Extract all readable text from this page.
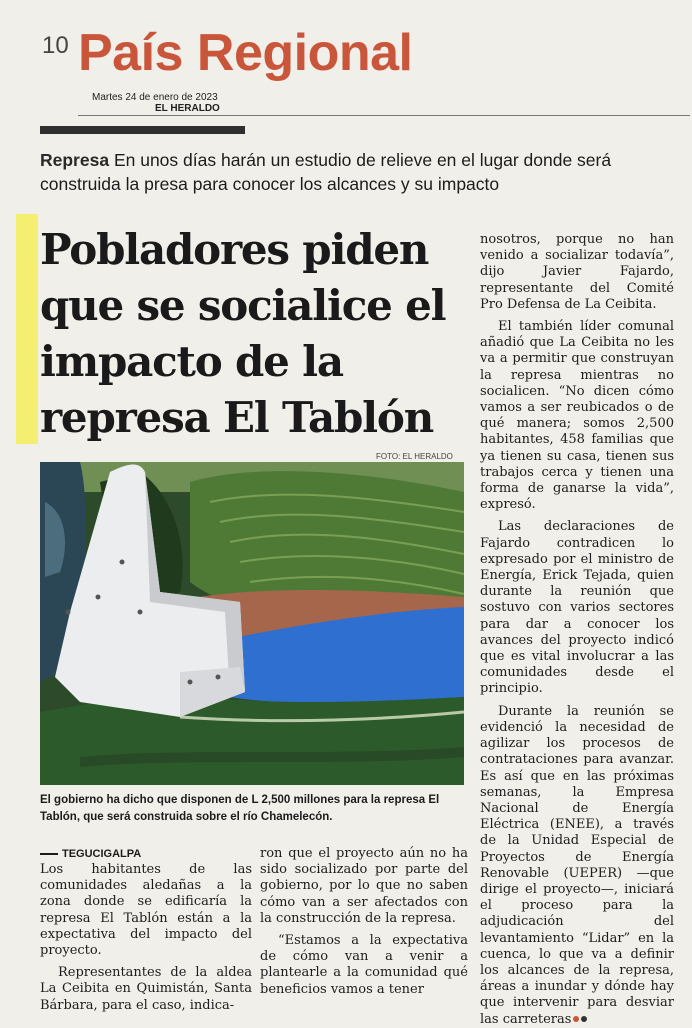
10 País Regional
Martes 24 de enero de 2023
EL HERALDO
Represa En unos días harán un estudio de relieve en el lugar donde será construida la presa para conocer los alcances y su impacto
Pobladores piden que se socialice el impacto de la represa El Tablón
FOTO: EL HERALDO
El gobierno ha dicho que disponen de L 2,500 millones para la represa El Tablón, que será construida sobre el río Chamelecón.
TEGUCIGALPA

Los habitantes de las comunidades aledañas a la zona donde se edificaría la represa El Tablón están a la expectativa del impacto del proyecto.

Representantes de la aldea La Ceibita en Quimistán, Santa Bárbara, para el caso, indica-

ron que el proyecto aún no ha sido socializado por parte del gobierno, por lo que no saben cómo van a ser afectados con la construcción de la represa.

“Estamos a la expectativa de cómo van a venir a plantearle a la comunidad qué beneficios vamos a tener

nosotros, porque no han venido a socializar todavía”, dijo Javier Fajardo, representante del Comité Pro Defensa de La Ceibita.

El también líder comunal añadió que La Ceibita no les va a permitir que construyan la represa mientras no socialicen. “No dicen cómo vamos a ser reubicados o de qué manera; somos 2,500 habitantes, 458 familias que ya tienen su casa, tienen sus trabajos cerca y tienen una forma de ganarse la vida”, expresó.

Las declaraciones de Fajardo contradicen lo expresado por el ministro de Energía, Erick Tejada, quien durante la reunión que sostuvo con varios sectores para dar a conocer los avances del proyecto indicó que es vital involucrar a las comunidades desde el principio.

Durante la reunión se evidenció la necesidad de agilizar los procesos de contrataciones para avanzar. Es así que en las próximas semanas, la Empresa Nacional de Energía Eléctrica (ENEE), a través de la Unidad Especial de Proyectos de Energía Renovable (UEPER) —que dirige el proyecto—, iniciará el proceso para la adjudicación del levantamiento “Lidar” en la cuenca, lo que va a definir los alcances de la represa, áreas a inundar y dónde hay que intervenir para desviar las carreteras
